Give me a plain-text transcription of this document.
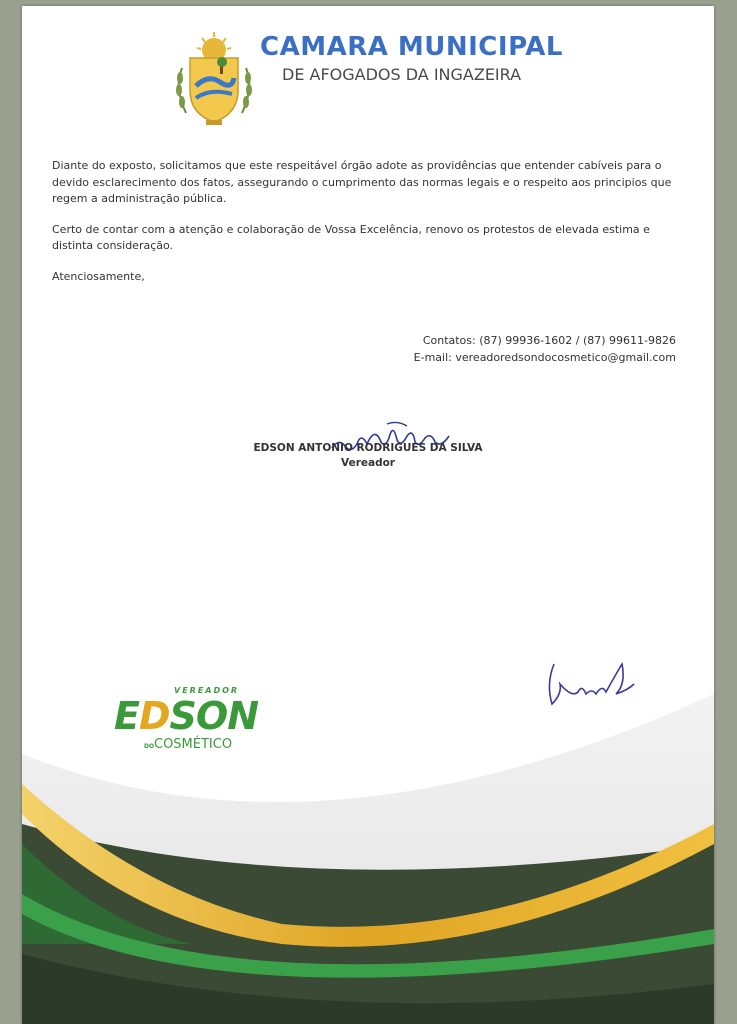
CAMARA MUNICIPAL
DE AFOGADOS DA INGAZEIRA

Diante do exposto, solicitamos que este respeitável órgão adote as providências que entender cabíveis para o devido esclarecimento dos fatos, assegurando o cumprimento das normas legais e o respeito aos principios que regem a administração pública.

Certo de contar com a atenção e colaboração de Vossa Excelência, renovo os protestos de elevada estima e distinta consideração.

Atenciosamente,

Contatos: (87) 99936-1602 / (87) 99611-9826
E-mail: vereadoredsondocosmetico@gmail.com
EDSON ANTONIO RODRIGUES DA SILVA
Vereador
VEREADOR
EDSON
DO COSMÉTICO
